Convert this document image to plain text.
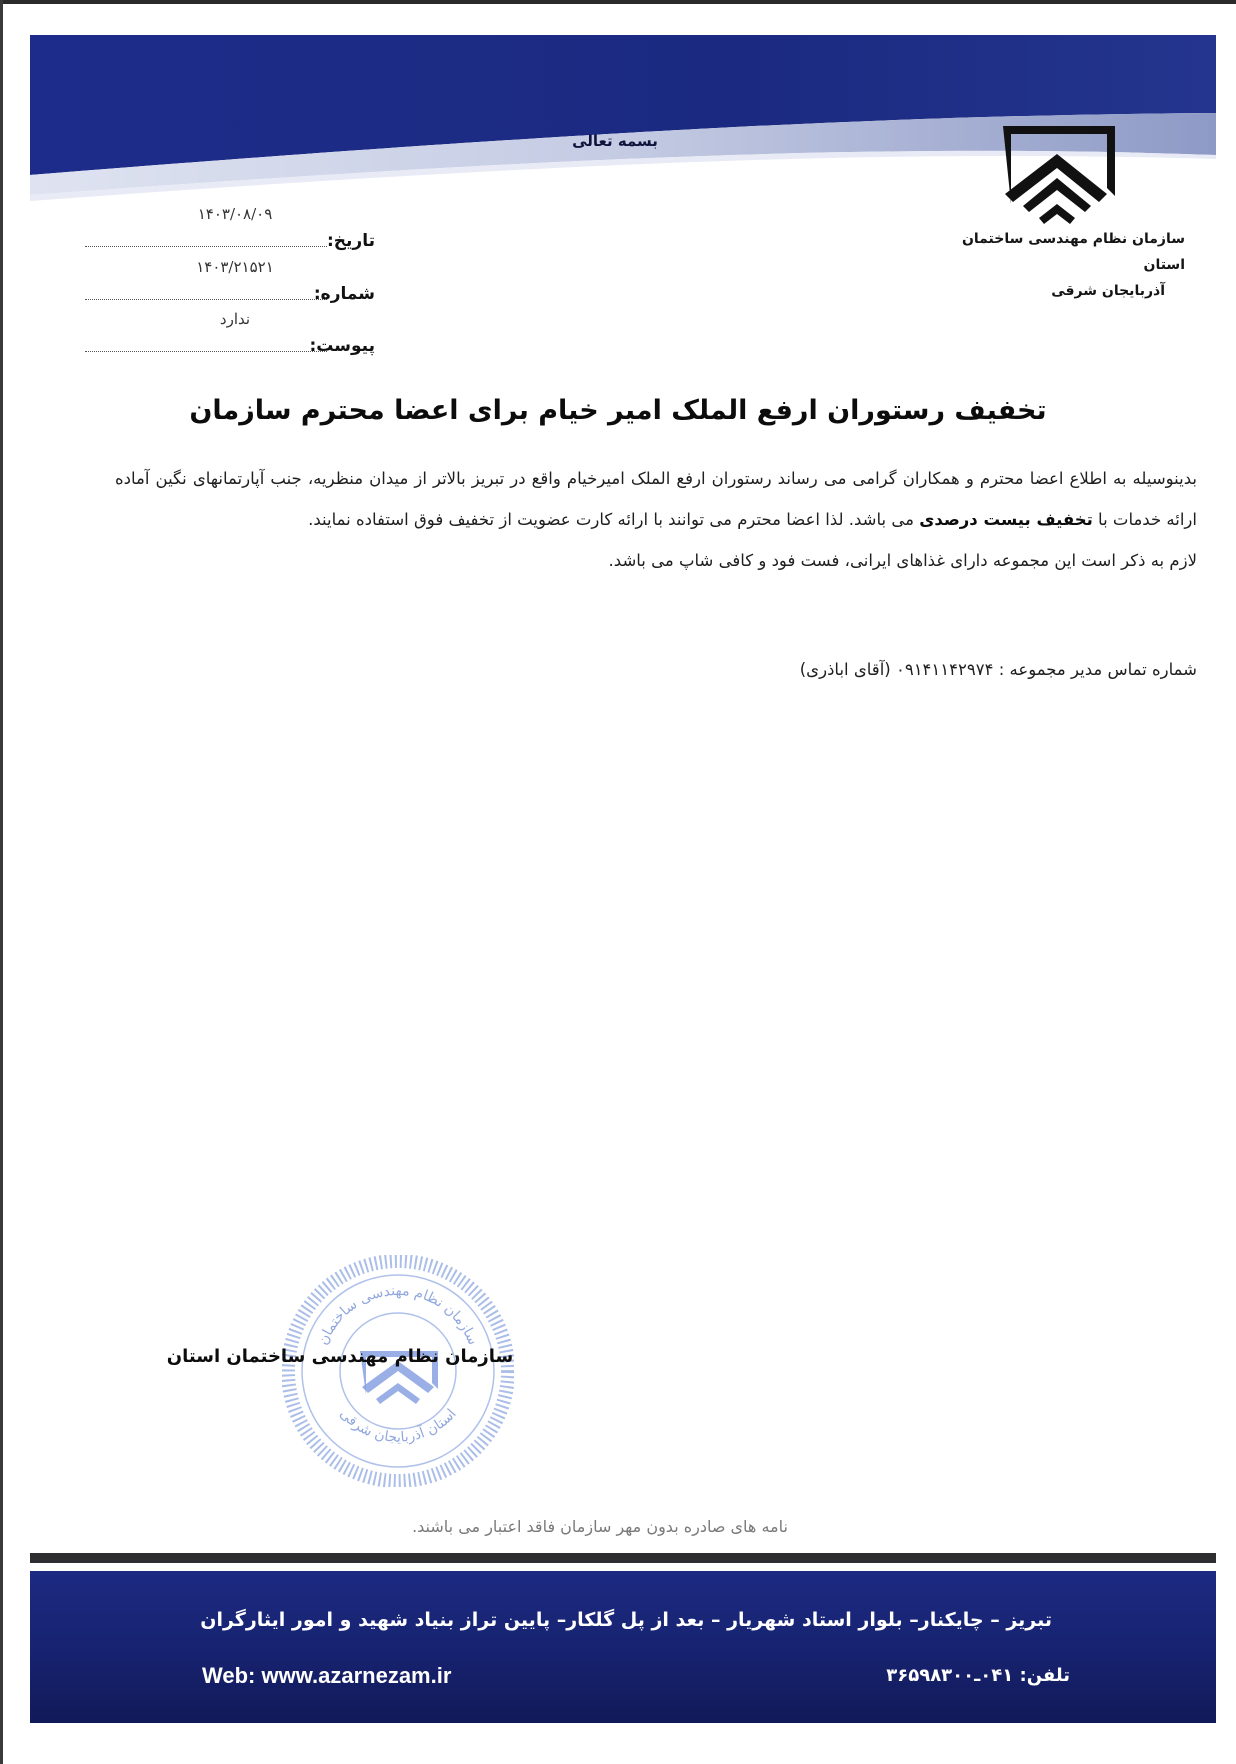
بسمه تعالی
سازمان نظام مهندسی ساختمان استان
آذربایجان شرقی
۱۴۰۳/۰۸/۰۹
تاریخ:
۱۴۰۳/۲۱۵۲۱
شماره:
ندارد
پیوست:
تخفیف رستوران ارفع الملک امیر خیام برای اعضا محترم سازمان

بدینوسیله به اطلاع اعضا محترم و همکاران گرامی می رساند رستوران ارفع الملک امیرخیام واقع در تبریز بالاتر از میدان منظریه، جنب آپارتمانهای نگین آماده ارائه خدمات با تخفیف بیست درصدی می باشد. لذا اعضا محترم می توانند با ارائه کارت عضویت از تخفیف فوق استفاده نمایند.

لازم به ذکر است این مجموعه دارای غذاهای ایرانی، فست فود و کافی شاپ می باشد.

شماره تماس مدیر مجموعه : ۰۹۱۴۱۱۴۲۹۷۴ (آقای اباذری)
سازمان نظام مهندسی ساختمان
استان آذربایجان شرقی
سازمان نظام مهندسی ساختمان استان
نامه های صادره بدون مهر سازمان فاقد اعتبار می باشند.
تبریز – چایکنار– بلوار استاد شهریار – بعد از پل گلکار– پایین تراز بنیاد شهید و امور ایثارگران
Web: www.azarnezam.ir	تلفن: ۰۴۱ـ۳۶۵۹۸۳۰۰
